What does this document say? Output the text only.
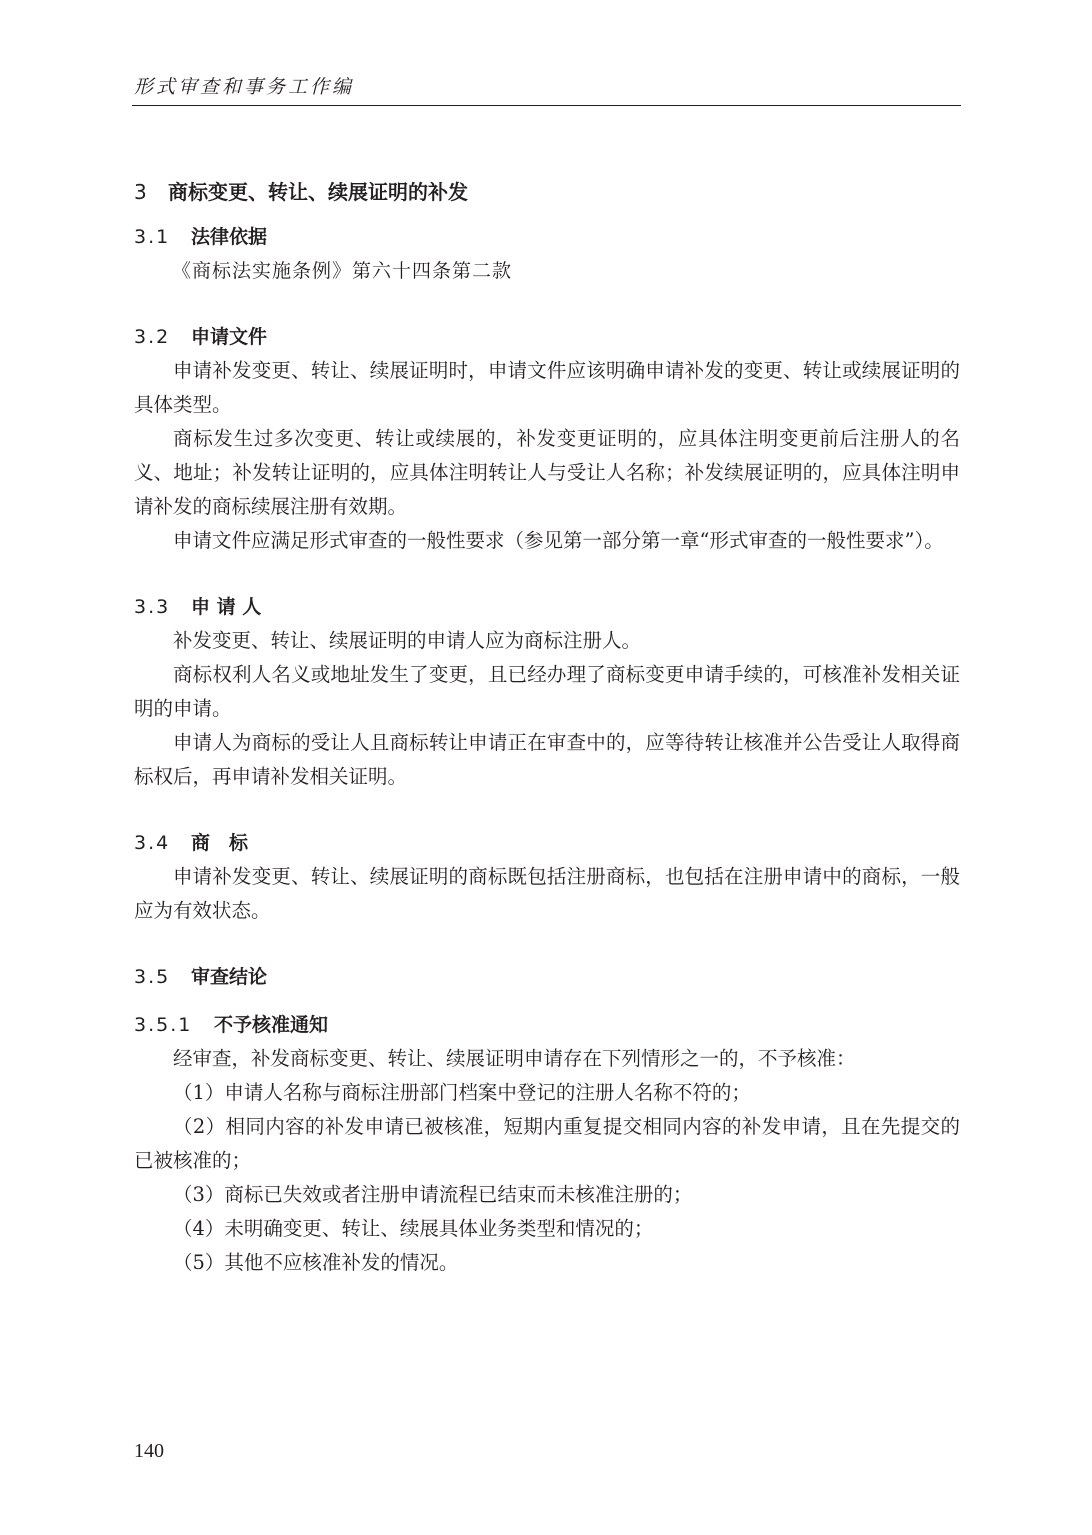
形式审查和事务工作编
3 商标变更、转让、续展证明的补发
3.1 法律依据
《商标法实施条例》第六十四条第二款
3.2 申请文件

申请补发变更、转让、续展证明时，申请文件应该明确申请补发的变更、转让或续展证明的具体类型。

商标发生过多次变更、转让或续展的，补发变更证明的，应具体注明变更前后注册人的名义、地址；补发转让证明的，应具体注明转让人与受让人名称；补发续展证明的，应具体注明申请补发的商标续展注册有效期。

申请文件应满足形式审查的一般性要求（参见第一部分第一章“形式审查的一般性要求”）。

3.3 申 请 人

补发变更、转让、续展证明的申请人应为商标注册人。

商标权利人名义或地址发生了变更，且已经办理了商标变更申请手续的，可核准补发相关证明的申请。

申请人为商标的受让人且商标转让申请正在审查中的，应等待转让核准并公告受让人取得商标权后，再申请补发相关证明。

3.4 商　标

申请补发变更、转让、续展证明的商标既包括注册商标，也包括在注册申请中的商标，一般应为有效状态。

3.5 审查结论
3.5.1 不予核准通知

经审查，补发商标变更、转让、续展证明申请存在下列情形之一的，不予核准：

（1）申请人名称与商标注册部门档案中登记的注册人名称不符的；

（2）相同内容的补发申请已被核准，短期内重复提交相同内容的补发申请，且在先提交的已被核准的；

（3）商标已失效或者注册申请流程已结束而未核准注册的；

（4）未明确变更、转让、续展具体业务类型和情况的；

（5）其他不应核准补发的情况。

140
